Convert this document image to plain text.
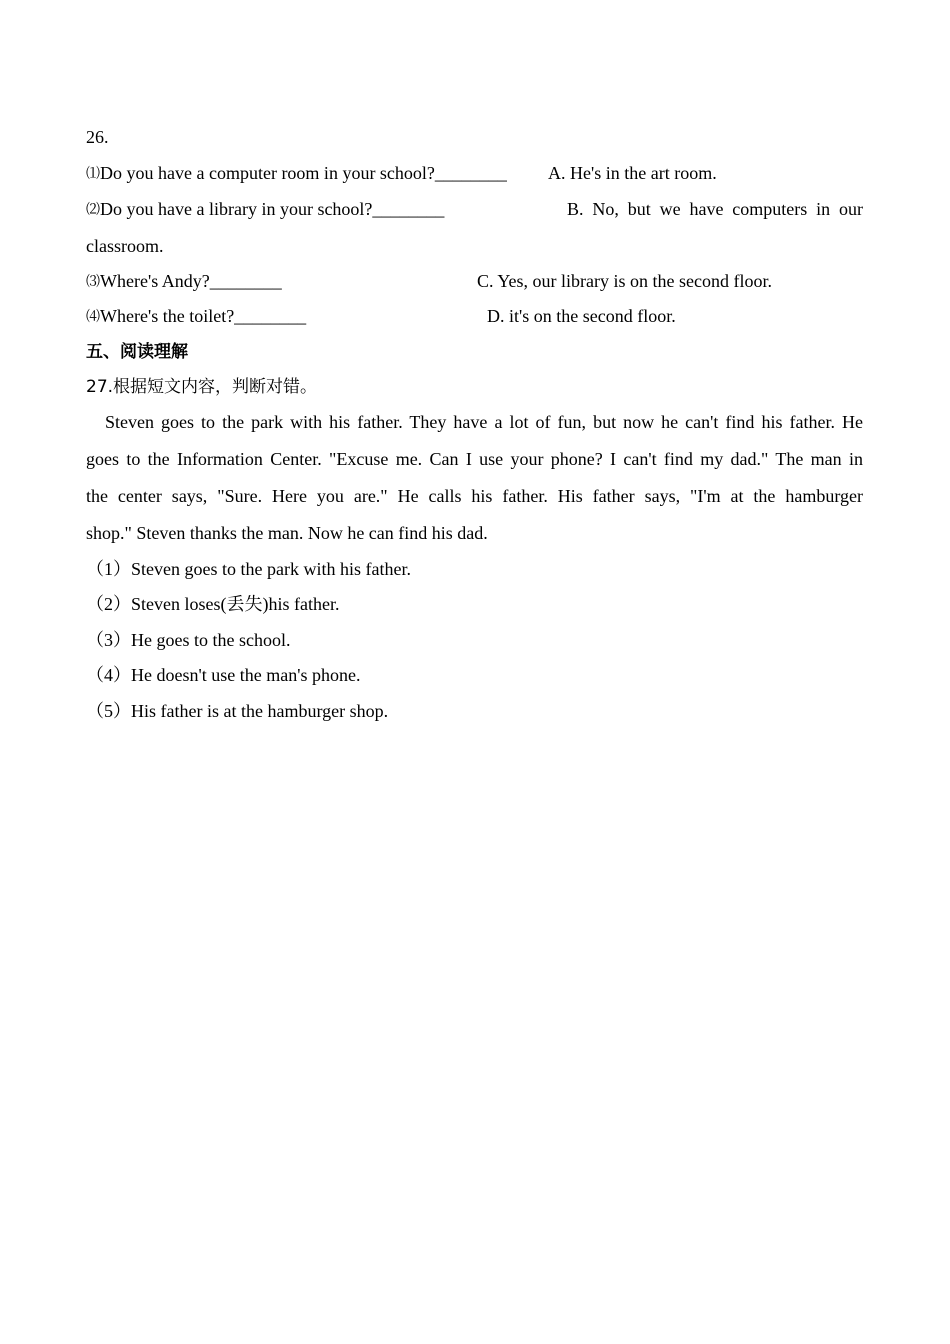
26.
⑴Do you have a computer room in your school?________ A. He's in the art room.
⑵Do you have a library in your school?________	B. No, but we have computers in our
classroom.
⑶Where's Andy?________	C. Yes, our library is on the second floor.
⑷Where's the toilet?________	D. it's on the second floor.
五、阅读理解
27.根据短文内容，判断对错。
Steven goes to the park with his father. They have a lot of fun, but now he can't find his father. He
goes to the Information Center. "Excuse me. Can I use your phone? I can't find my dad." The man in
the center says, "Sure. Here you are." He calls his father. His father says, "I'm at the hamburger
shop." Steven thanks the man. Now he can find his dad.
（1）Steven goes to the park with his father.
（2）Steven loses(丢失)his father.
（3）He goes to the school.
（4）He doesn't use the man's phone.
（5）His father is at the hamburger shop.
